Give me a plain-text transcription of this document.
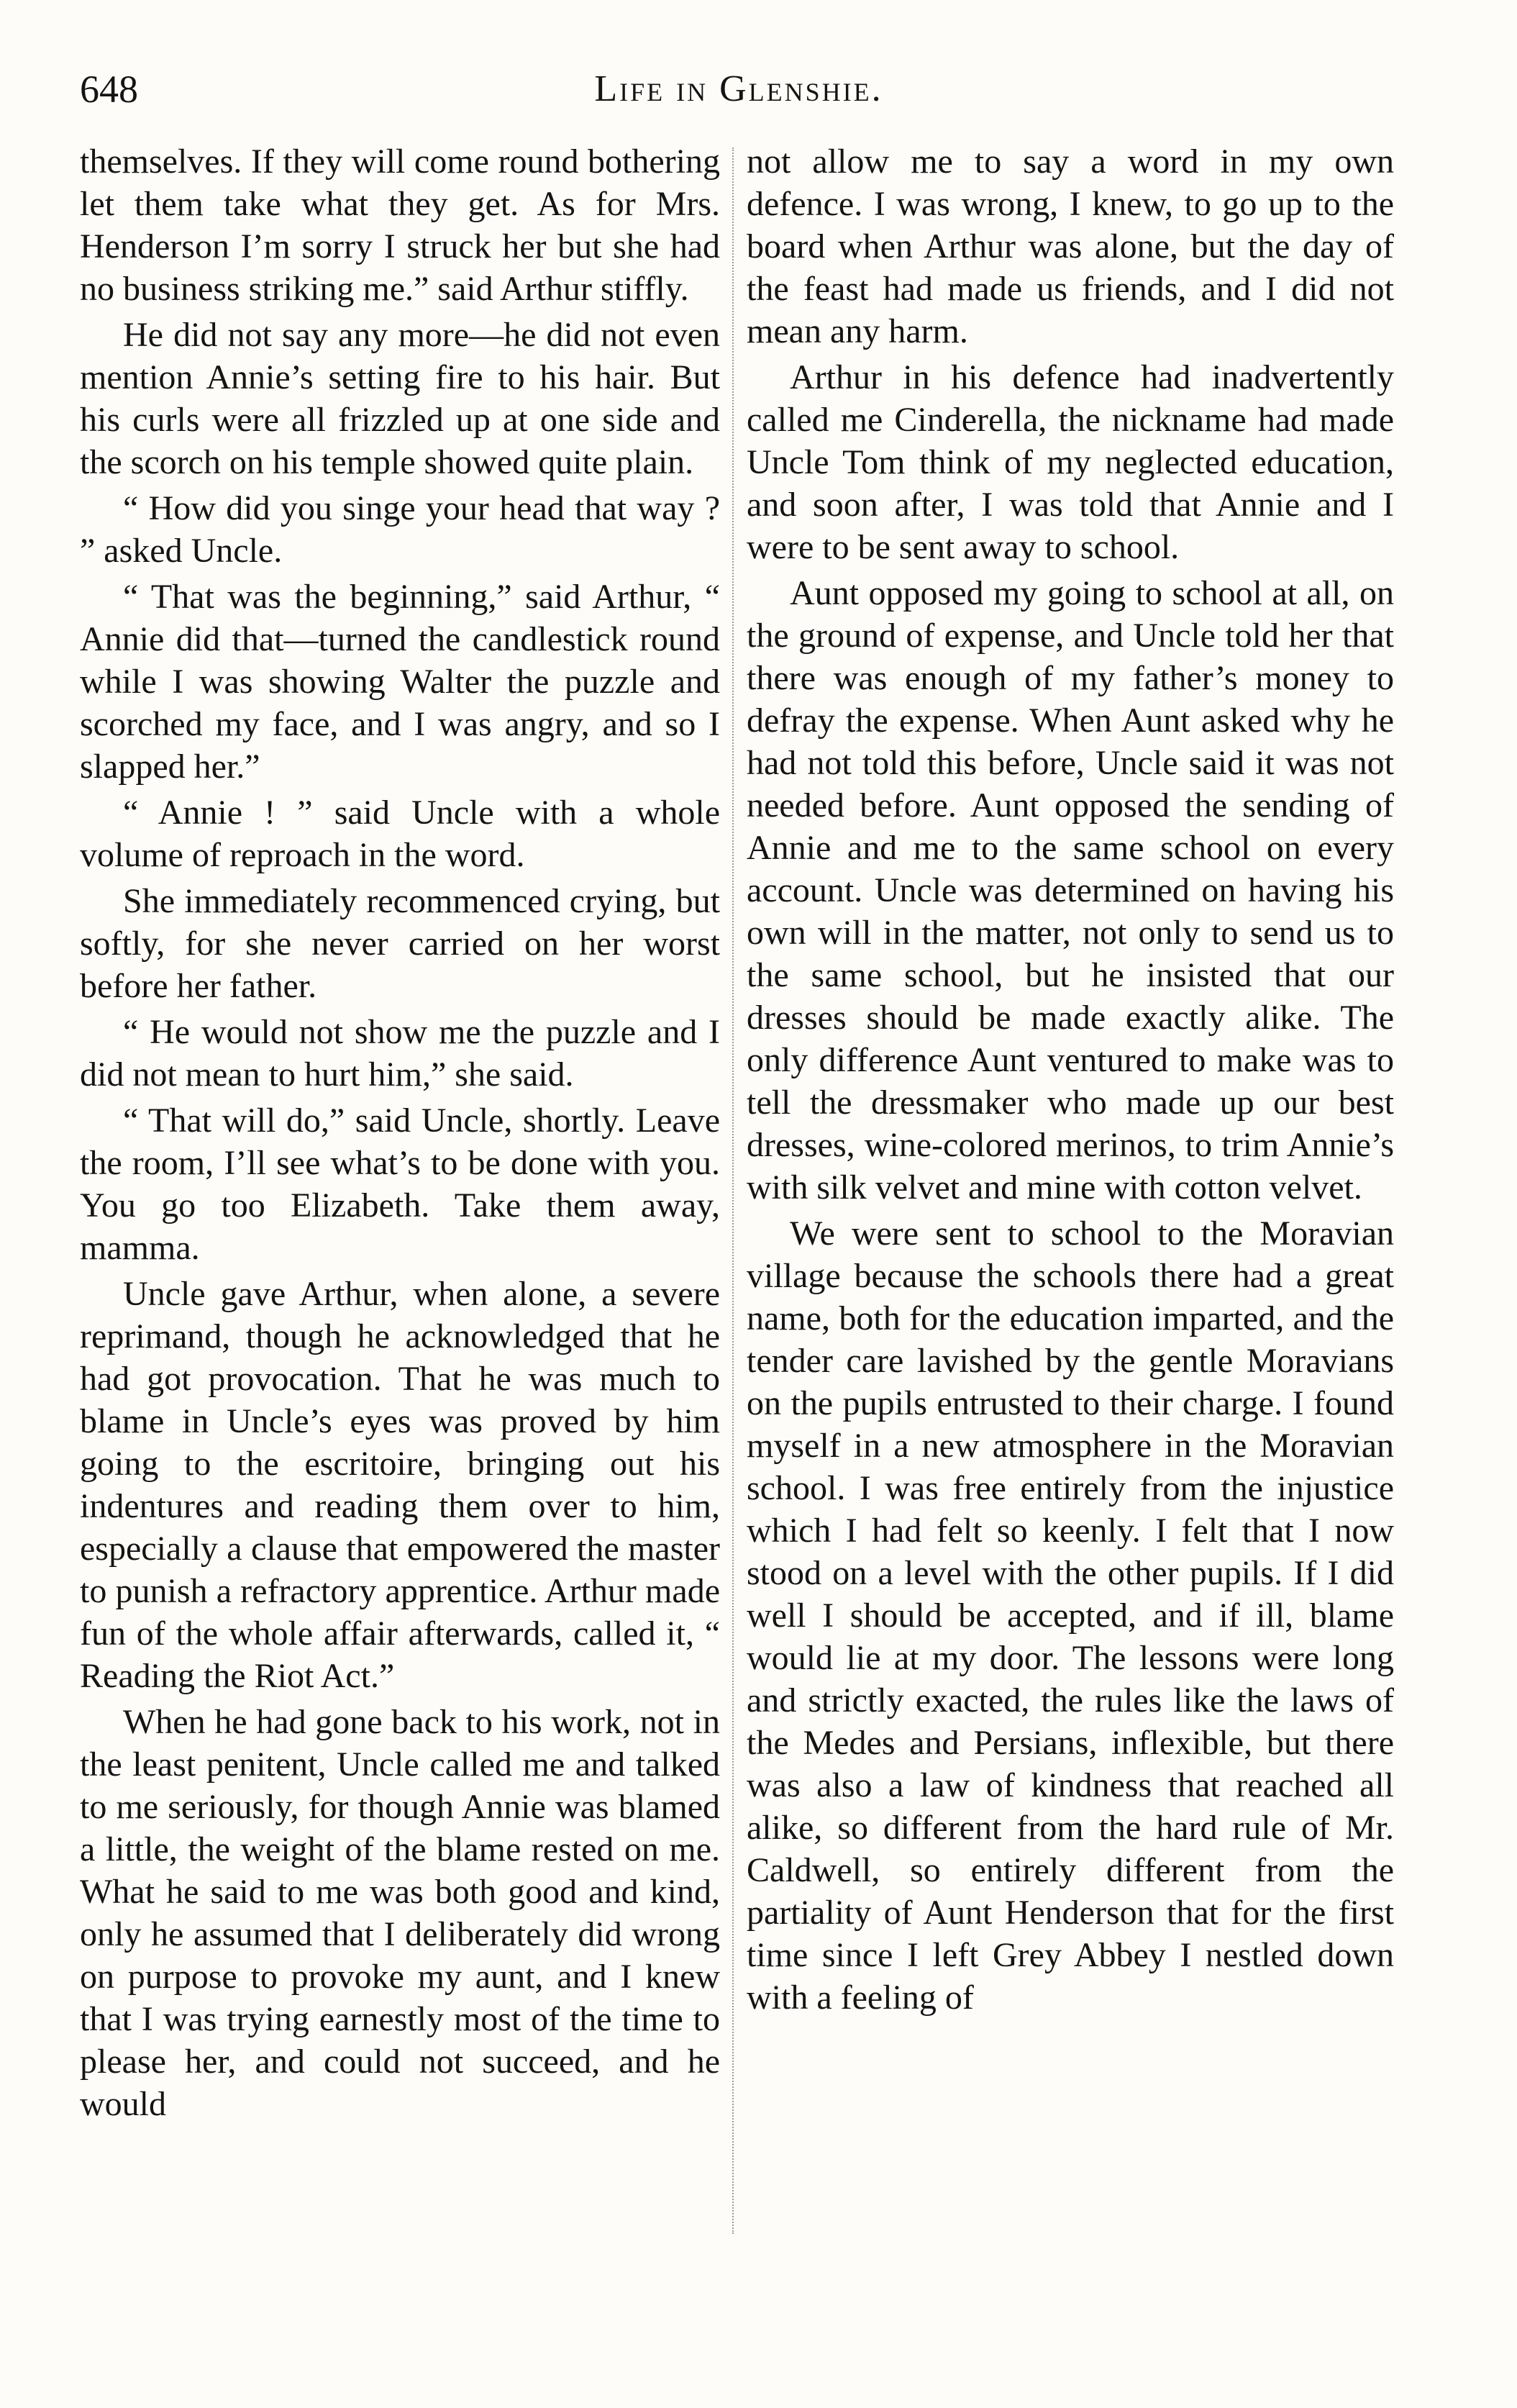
648	Life in Glenshie.

themselves. If they will come round bothering let them take what they get. As for Mrs. Henderson I’m sorry I struck her but she had no business striking me.” said Arthur stiffly.

He did not say any more—he did not even mention Annie’s setting fire to his hair. But his curls were all frizzled up at one side and the scorch on his temple showed quite plain.

“ How did you singe your head that way ? ” asked Uncle.

“ That was the beginning,” said Arthur, “ Annie did that—turned the candlestick round while I was showing Walter the puzzle and scorched my face, and I was angry, and so I slapped her.”

“ Annie ! ” said Uncle with a whole volume of reproach in the word.

She immediately recommenced crying, but softly, for she never carried on her worst before her father.

“ He would not show me the puzzle and I did not mean to hurt him,” she said.

“ That will do,” said Uncle, shortly. Leave the room, I’ll see what’s to be done with you. You go too Elizabeth. Take them away, mamma.

Uncle gave Arthur, when alone, a severe reprimand, though he acknowledged that he had got provocation. That he was much to blame in Uncle’s eyes was proved by him going to the escritoire, bringing out his indentures and reading them over to him, especially a clause that empowered the master to punish a refractory apprentice. Arthur made fun of the whole affair afterwards, called it, “ Reading the Riot Act.”

When he had gone back to his work, not in the least penitent, Uncle called me and talked to me seriously, for though Annie was blamed a little, the weight of the blame rested on me. What he said to me was both good and kind, only he assumed that I deliberately did wrong on purpose to provoke my aunt, and I knew that I was trying earnestly most of the time to please her, and could not succeed, and he would

not allow me to say a word in my own defence. I was wrong, I knew, to go up to the board when Arthur was alone, but the day of the feast had made us friends, and I did not mean any harm.

Arthur in his defence had inadvertently called me Cinderella, the nickname had made Uncle Tom think of my neglected education, and soon after, I was told that Annie and I were to be sent away to school.

Aunt opposed my going to school at all, on the ground of expense, and Uncle told her that there was enough of my father’s money to defray the expense. When Aunt asked why he had not told this before, Uncle said it was not needed before. Aunt opposed the sending of Annie and me to the same school on every account. Uncle was determined on having his own will in the matter, not only to send us to the same school, but he insisted that our dresses should be made exactly alike. The only difference Aunt ventured to make was to tell the dressmaker who made up our best dresses, wine-colored merinos, to trim Annie’s with silk velvet and mine with cotton velvet.

We were sent to school to the Moravian village because the schools there had a great name, both for the education imparted, and the tender care lavished by the gentle Moravians on the pupils entrusted to their charge. I found myself in a new atmosphere in the Moravian school. I was free entirely from the injustice which I had felt so keenly. I felt that I now stood on a level with the other pupils. If I did well I should be accepted, and if ill, blame would lie at my door. The lessons were long and strictly exacted, the rules like the laws of the Medes and Persians, inflexible, but there was also a law of kindness that reached all alike, so different from the hard rule of Mr. Caldwell, so entirely different from the partiality of Aunt Henderson that for the first time since I left Grey Abbey I nestled down with a feeling of
